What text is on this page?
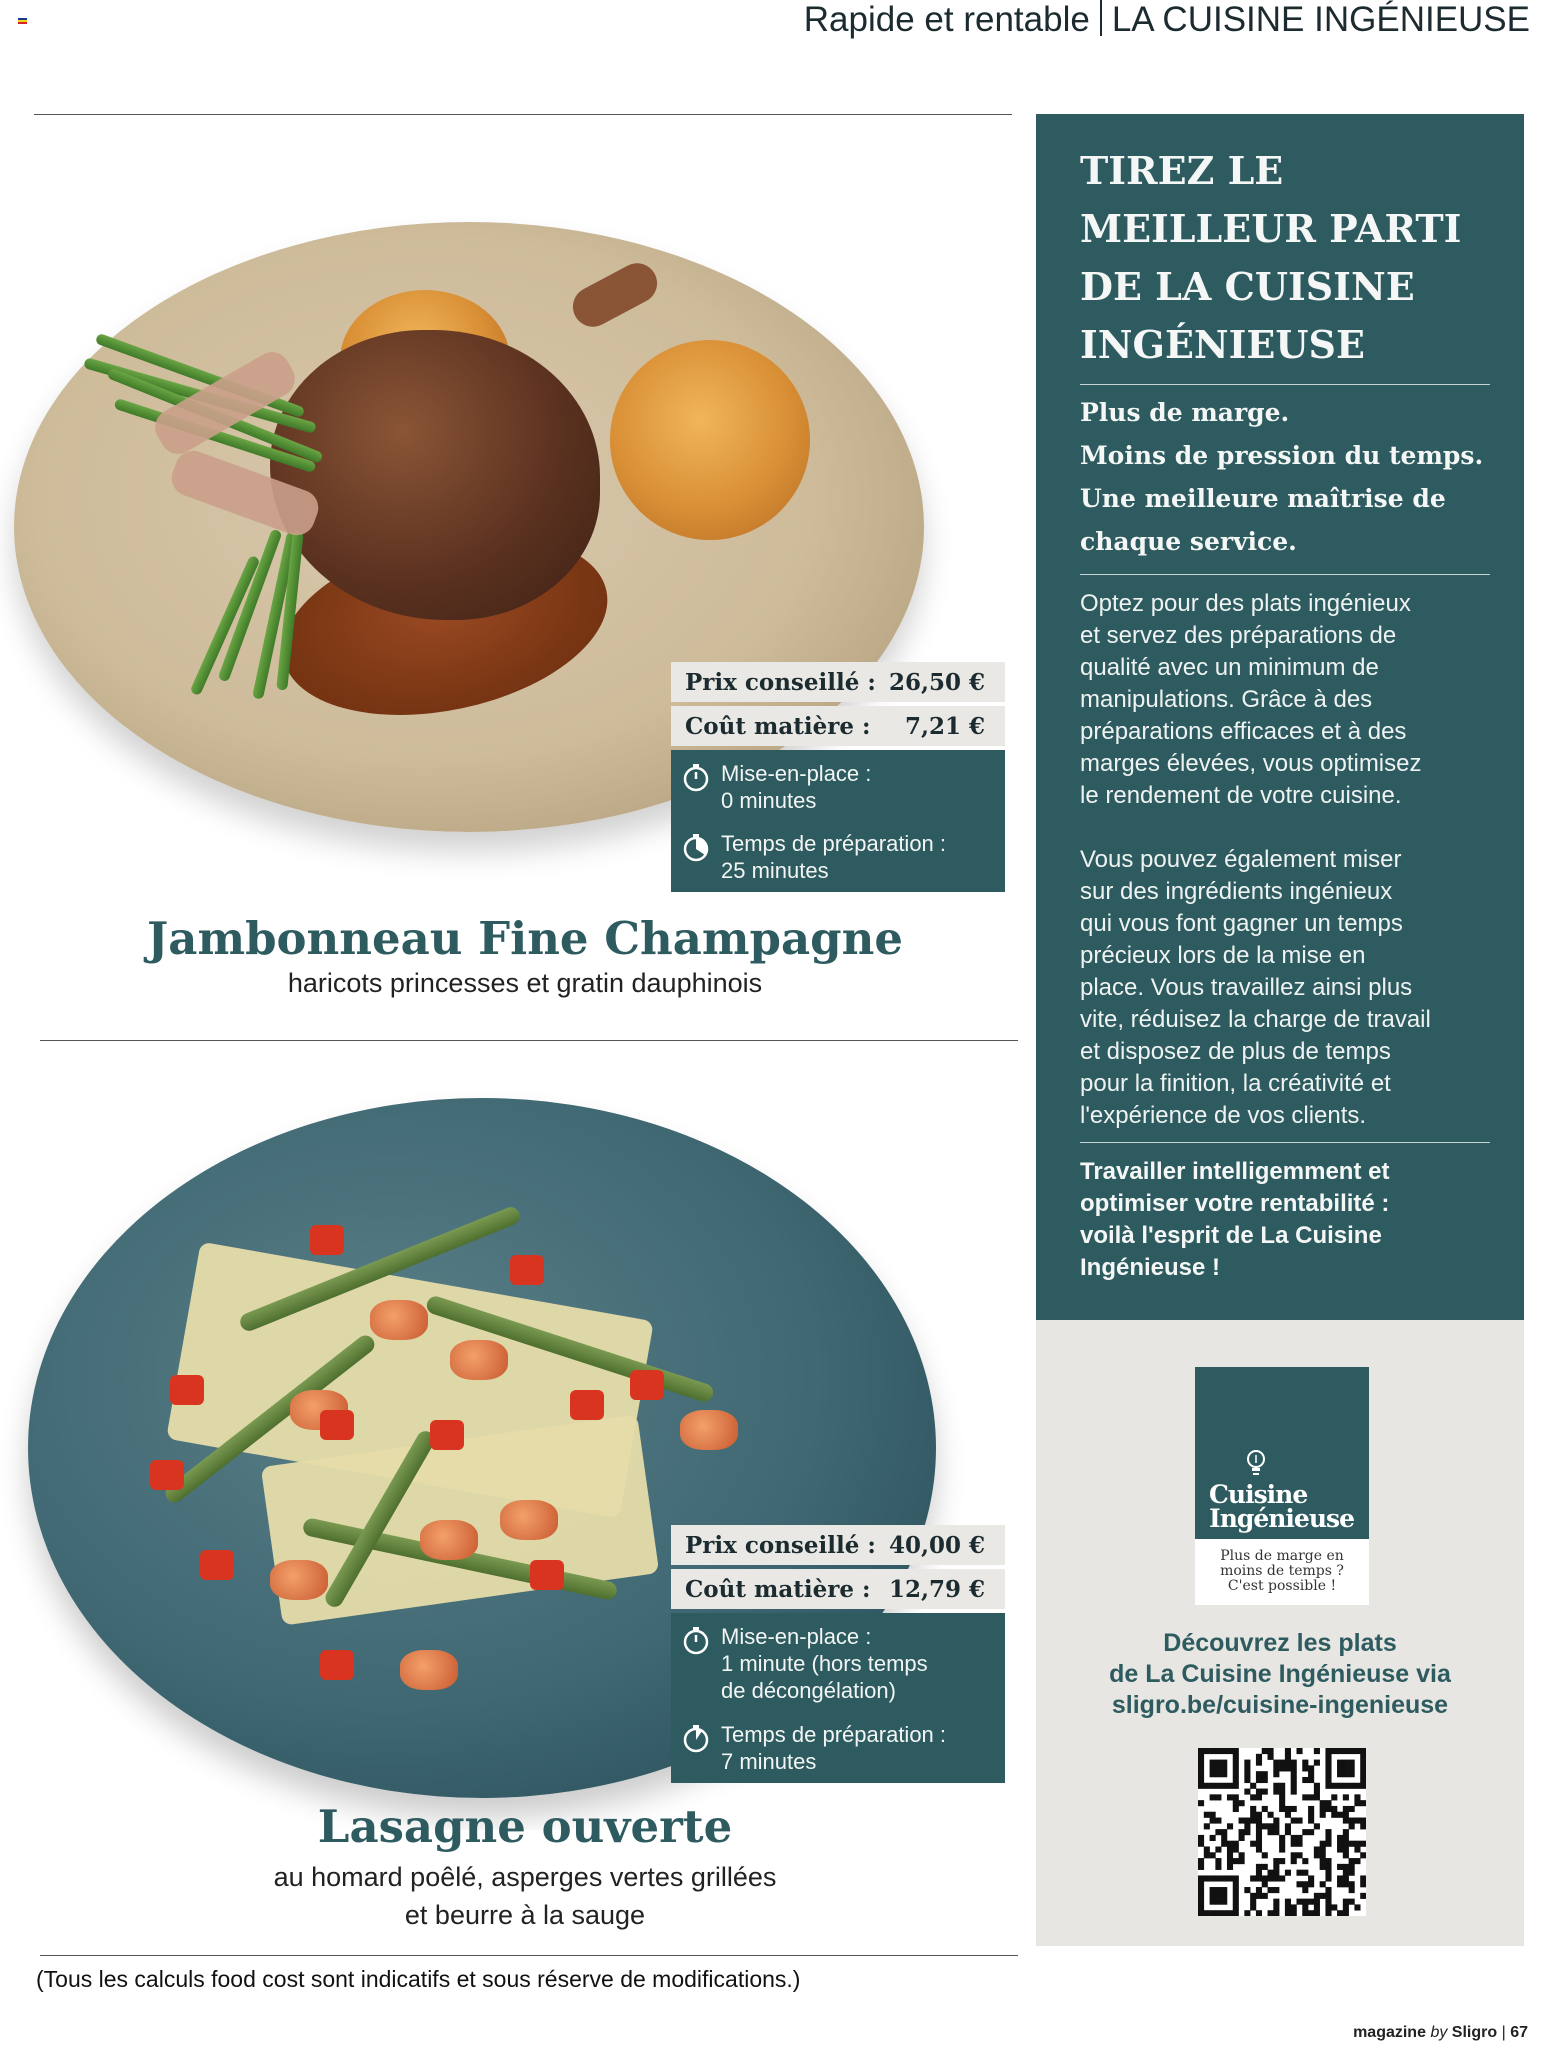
Rapide et rentable LA CUISINE INGÉNIEUSE
Prix conseillé : 26,50 €
Coût matière :	7,21 €
Mise-en-place :
0 minutes
Temps de préparation :
25 minutes
Jambonneau Fine Champagne
haricots princesses et gratin dauphinois
Prix conseillé : 40,00 €
Coût matière : 12,79 €
Mise-en-place :
1 minute (hors temps
de décongélation)
Temps de préparation :
7 minutes
Lasagne ouverte
au homard poêlé, asperges vertes grillées
et beurre à la sauge
(Tous les calculs food cost sont indicatifs et sous réserve de modifications.)
TIREZ LE
MEILLEUR PARTI
DE LA CUISINE
INGÉNIEUSE
Plus de marge.
Moins de pression du temps.
Une meilleure maîtrise de
chaque service.
Optez pour des plats ingénieux
et servez des préparations de
qualité avec un minimum de
manipulations. Grâce à des
préparations efficaces et à des
marges élevées, vous optimisez
le rendement de votre cuisine.
Vous pouvez également miser
sur des ingrédients ingénieux
qui vous font gagner un temps
précieux lors de la mise en
place. Vous travaillez ainsi plus
vite, réduisez la charge de travail
et disposez de plus de temps
pour la finition, la créativité et
l'expérience de vos clients.
Travailler intelligemment et
optimiser votre rentabilité :
voilà l'esprit de La Cuisine
Ingénieuse !
Cuisine
Ingénieuse
Plus de marge en
moins de temps ?
C'est possible !
Découvrez les plats
de La Cuisine Ingénieuse via
sligro.be/cuisine-ingenieuse
magazine by Sligro | 67
